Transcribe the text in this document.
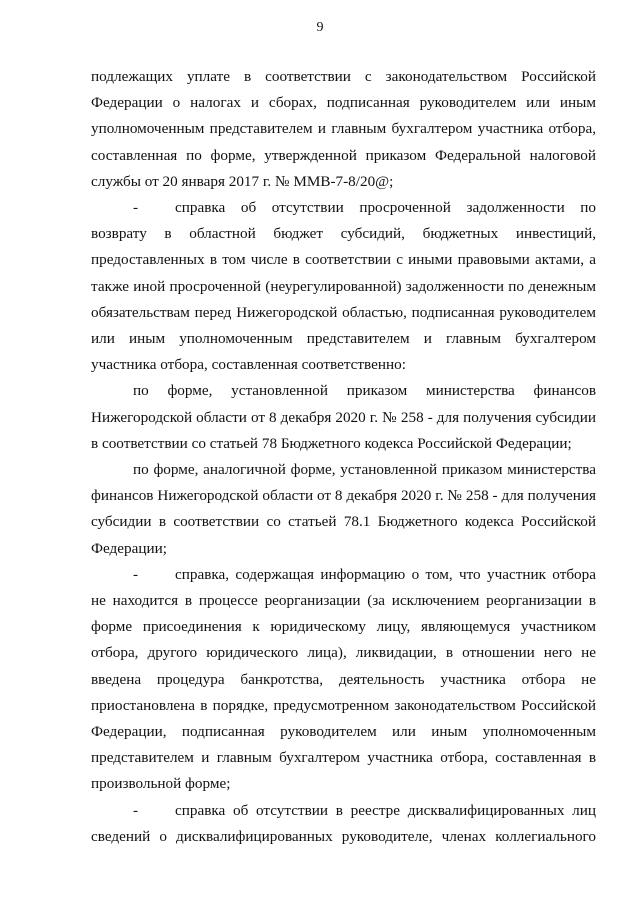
9

подлежащих уплате в соответствии с законодательством Российской Федерации о налогах и сборах, подписанная руководителем или иным уполномоченным представителем и главным бухгалтером участника отбора, составленная по форме, утвержденной приказом Федеральной налоговой службы от 20 января 2017 г. № ММВ-7-8/20@;

- справка об отсутствии просроченной задолженности по возврату в областной бюджет субсидий, бюджетных инвестиций, предоставленных в том числе в соответствии с иными правовыми актами, а также иной просроченной (неурегулированной) задолженности по денежным обязательствам перед Нижегородской областью, подписанная руководителем или иным уполномоченным представителем и главным бухгалтером участника отбора, составленная соответственно:

по форме, установленной приказом министерства финансов Нижегородской области от 8 декабря 2020 г. № 258 - для получения субсидии в соответствии со статьей 78 Бюджетного кодекса Российской Федерации;

по форме, аналогичной форме, установленной приказом министерства финансов Нижегородской области от 8 декабря 2020 г. № 258 - для получения субсидии в соответствии со статьей 78.1 Бюджетного кодекса Российской Федерации;

- справка, содержащая информацию о том, что участник отбора не находится в процессе реорганизации (за исключением реорганизации в форме присоединения к юридическому лицу, являющемуся участником отбора, другого юридического лица), ликвидации, в отношении него не введена процедура банкротства, деятельность участника отбора не приостановлена в порядке, предусмотренном законодательством Российской Федерации, подписанная руководителем или иным уполномоченным представителем и главным бухгалтером участника отбора, составленная в произвольной форме;

- справка об отсутствии в реестре дисквалифицированных лиц сведений о дисквалифицированных руководителе, членах коллегиального
